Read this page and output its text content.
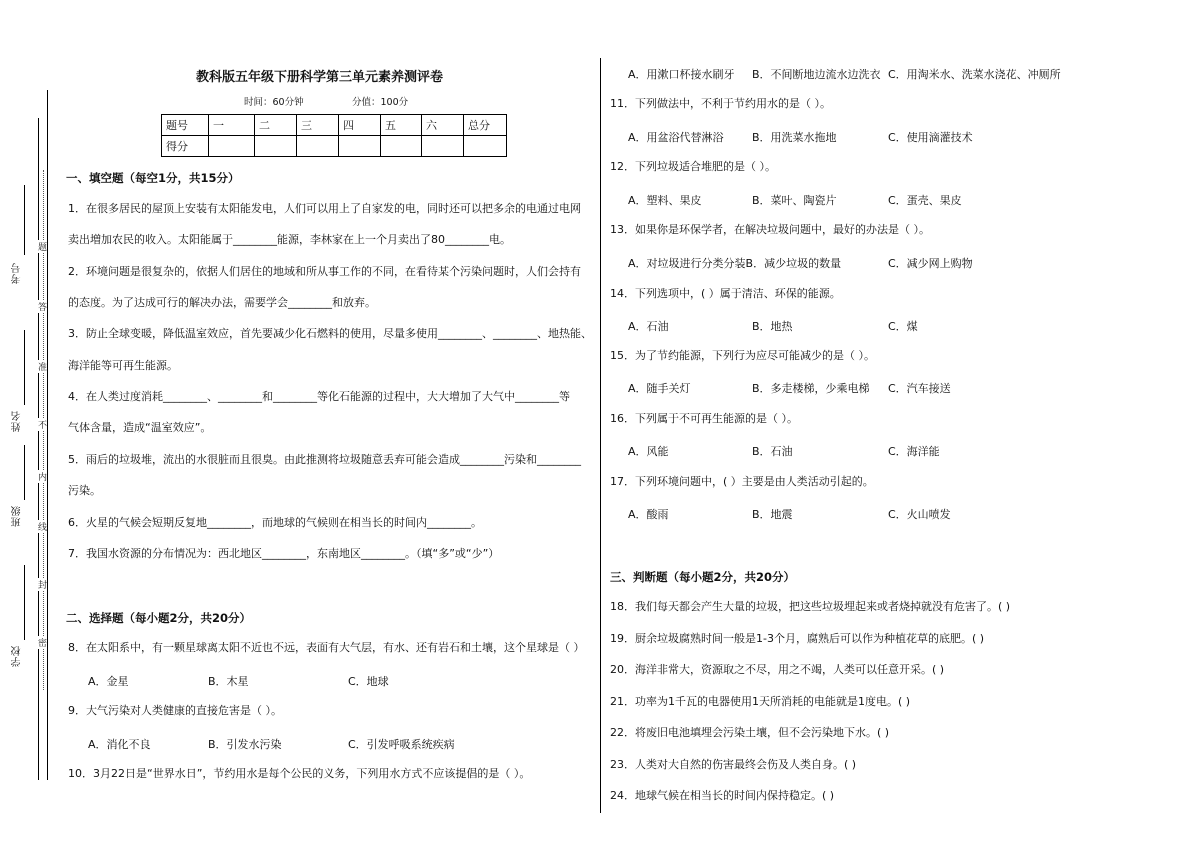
考号
姓名
班级
学校
题
答
准
不
内
线
封
密
教科版五年级下册科学第三单元素养测评卷
时间：60分钟	分值：100分
题号	一	二	三	四	五	六	总分
得分							
一、填空题（每空1分，共15分）
1．在很多居民的屋顶上安装有太阳能发电，人们可以用上了自家发的电，同时还可以把多余的电通过电网
卖出増加农民的收入。太阳能属于________能源，李林家在上一个月卖出了80________电。
2．环境问题是很复杂的，依据人们居住的地域和所从事工作的不同，在看待某个污染问题时，人们会持有
的态度。为了达成可行的解决办法，需要学会________和放弃。
3．防止全球变暖，降低温室效应，首先要减少化石燃料的使用，尽量多使用________、________、地热能、
海洋能等可再生能源。
4．在人类过度消耗________、________和________等化石能源的过程中，大大增加了大气中________等
气体含量，造成“温室效应”。
5．雨后的垃圾堆，流出的水很脏而且很臭。由此推测将垃圾随意丢弃可能会造成________污染和________
污染。
6．火星的气候会短期反复地________，而地球的气候则在相当长的时间内________。
7．我国水资源的分布情况为：西北地区________，东南地区________。（填“多”或“少”）
二、选择题（每小题2分，共20分）
8．在太阳系中，有一颗星球离太阳不近也不远，表面有大气层，有水、还有岩石和土壤，这个星球是（ ）
A．金星	B．木星	C．地球
9．大气污染对人类健康的直接危害是（ ）。
A．消化不良	B．引发水污染	C．引发呼吸系统疾病
10．3月22日是“世界水日”，节约用水是每个公民的义务，下列用水方式不应该提倡的是（ ）。
A．用漱口杯接水刷牙 B．不间断地边流水边洗衣 C．用淘米水、洗菜水浇花、冲厕所
11．下列做法中，不利于节约用水的是（ ）。
A．用盆浴代替淋浴	B．用洗菜水拖地	C．使用滴灌技术
12．下列垃圾适合堆肥的是（ ）。
A．塑料、果皮	B．菜叶、陶瓷片	C．蛋壳、果皮
13．如果你是环保学者，在解决垃圾问题中，最好的办法是（ ）。
A．对垃圾进行分类分装B．减少垃圾的数量	C．减少网上购物
14．下列选项中，( ）属于清洁、环保的能源。
A．石油	B．地热	C．煤
15．为了节约能源，下列行为应尽可能减少的是（ ）。
A．随手关灯	B．多走楼梯，少乘电梯 C．汽车接送
16．下列属于不可再生能源的是（ ）。
A．风能	B．石油	C．海洋能
17．下列环境问题中，( ）主要是由人类活动引起的。
A．酸雨	B．地震	C．火山喷发
三、判断题（每小题2分，共20分）
18．我们每天都会产生大量的垃圾，把这些垃圾埋起来或者烧掉就没有危害了。( )
19．厨余垃圾腐熟时间一般是1-3个月，腐熟后可以作为种植花草的底肥。( )
20．海洋非常大，资源取之不尽，用之不竭，人类可以任意开采。( )
21．功率为1千瓦的电器使用1天所消耗的电能就是1度电。( )
22．将废旧电池填埋会污染土壤，但不会污染地下水。( )
23．人类对大自然的伤害最终会伤及人类自身。( )
24．地球气候在相当长的时间内保持稳定。( )
